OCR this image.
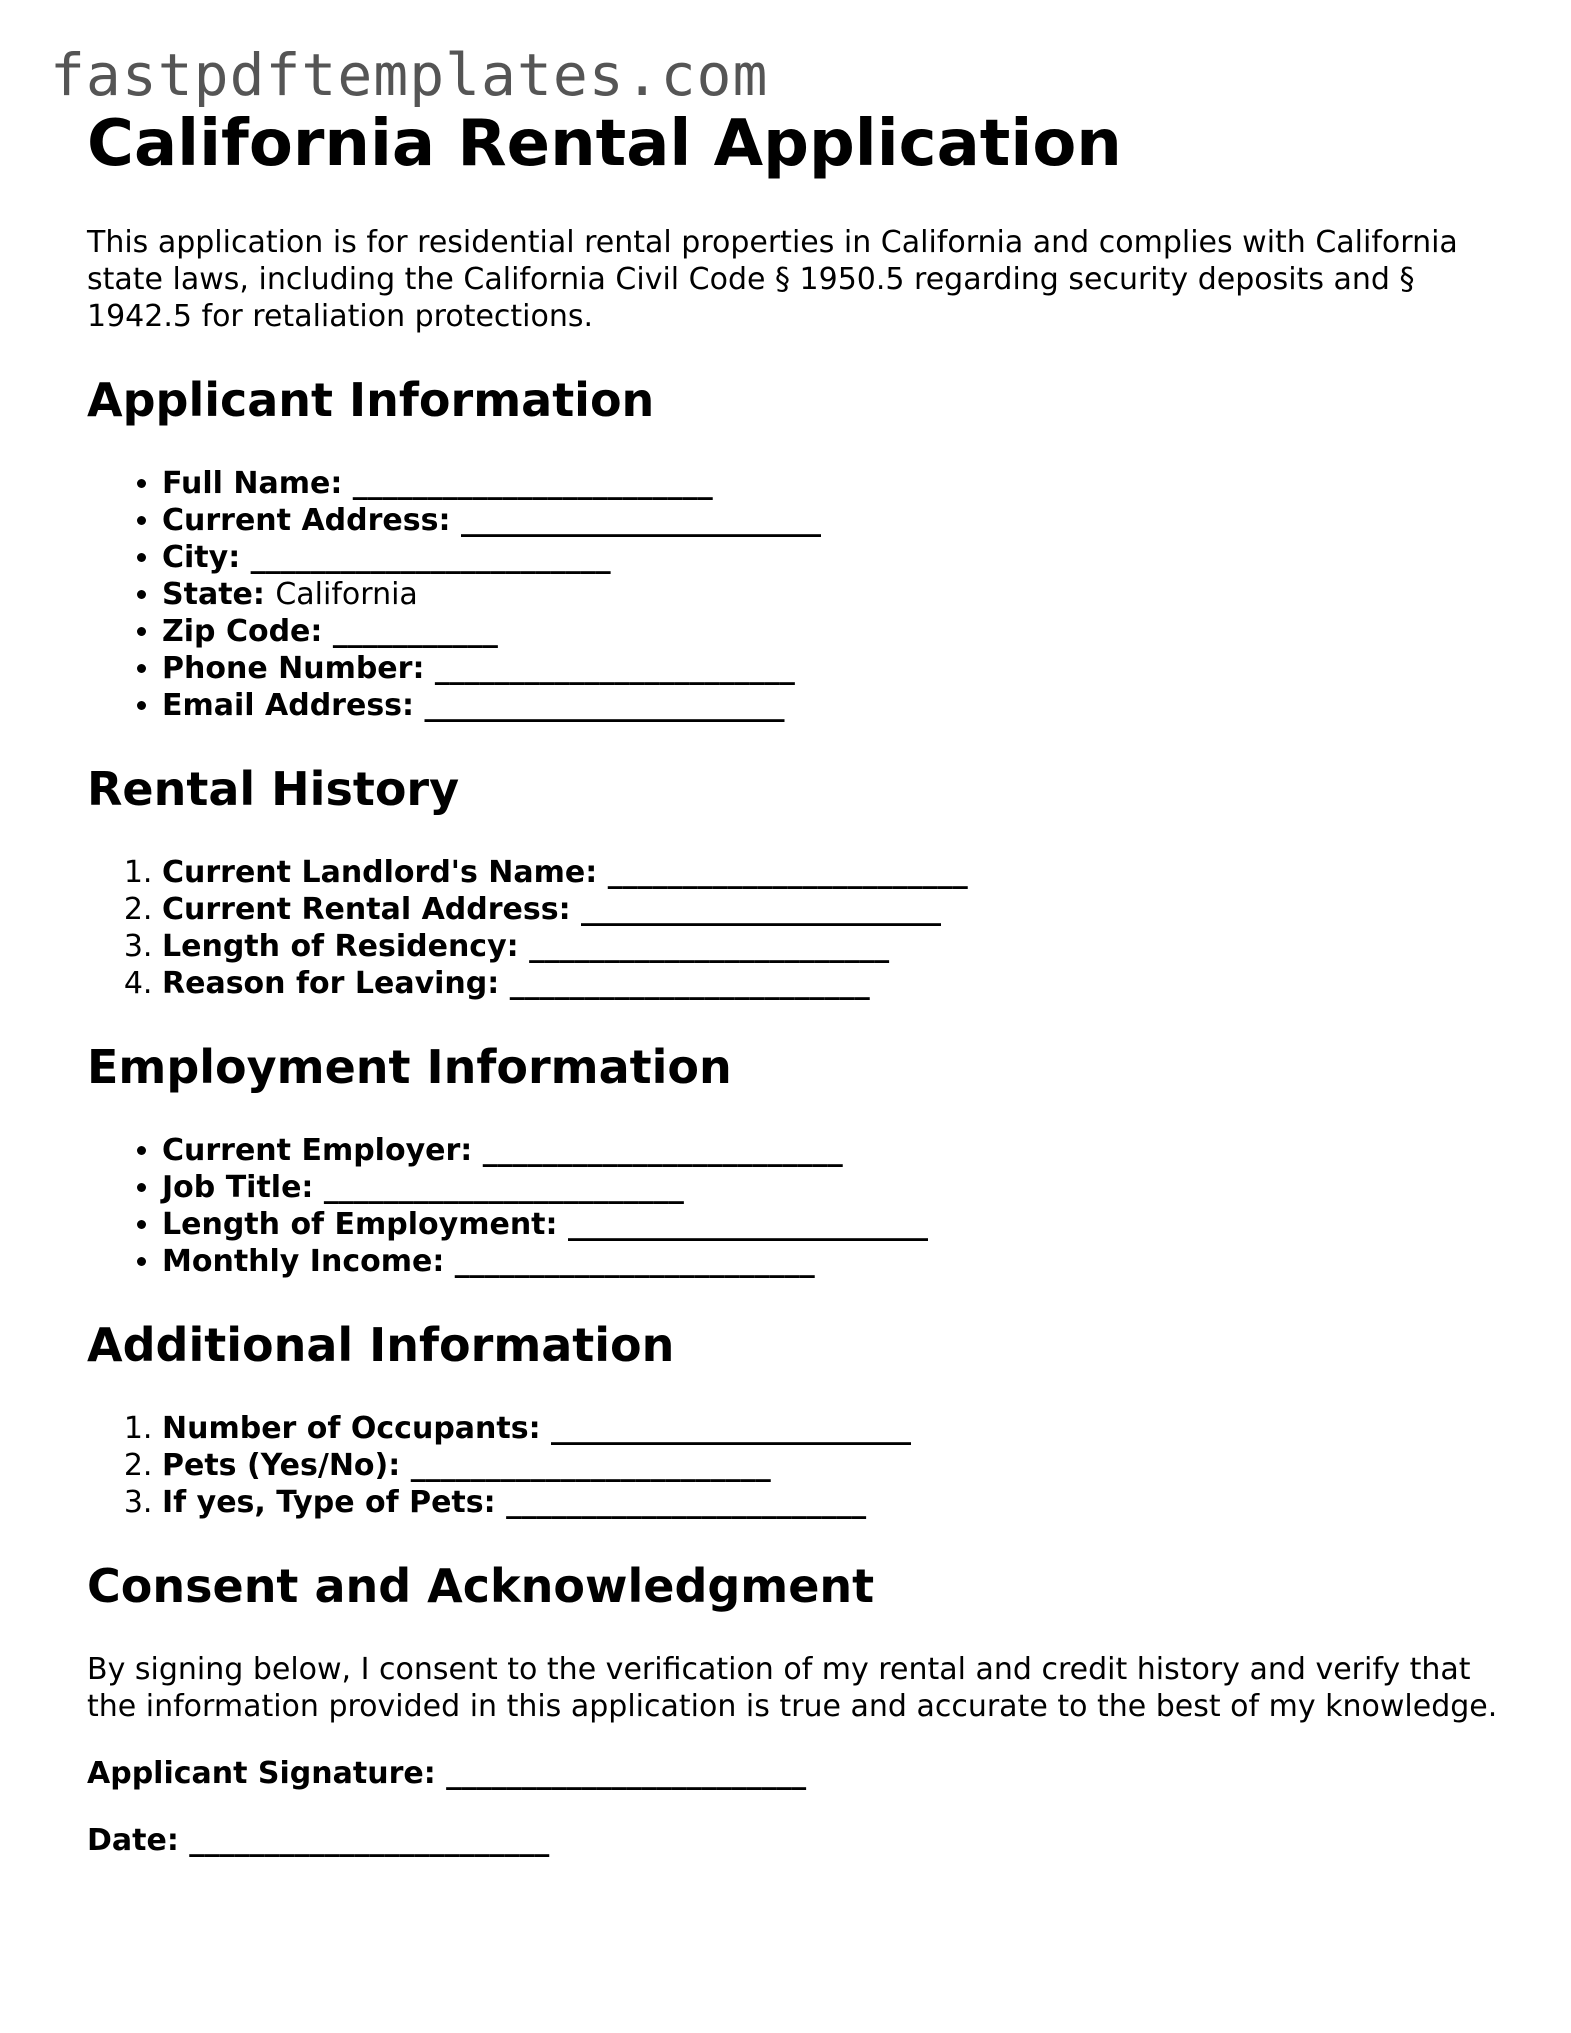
fastpdftemplates.com
California Rental Application

This application is for residential rental properties in California and complies with California state laws, including the California Civil Code § 1950.5 regarding security deposits and § 1942.5 for retaliation protections.

Applicant Information
• Full Name: ________________________
• Current Address: ________________________
• City: ________________________
• State: California
• Zip Code: ___________
• Phone Number: ________________________
• Email Address: ________________________
Rental History
1. Current Landlord's Name: ________________________
2. Current Rental Address: ________________________
3. Length of Residency: ________________________
4. Reason for Leaving: ________________________
Employment Information
• Current Employer: ________________________
• Job Title: ________________________
• Length of Employment: ________________________
• Monthly Income: ________________________
Additional Information
1. Number of Occupants: ________________________
2. Pets (Yes/No): ________________________
3. If yes, Type of Pets: ________________________
Consent and Acknowledgment

By signing below, I consent to the verification of my rental and credit history and verify that the information provided in this application is true and accurate to the best of my knowledge.

Applicant Signature: ________________________

Date: ________________________
